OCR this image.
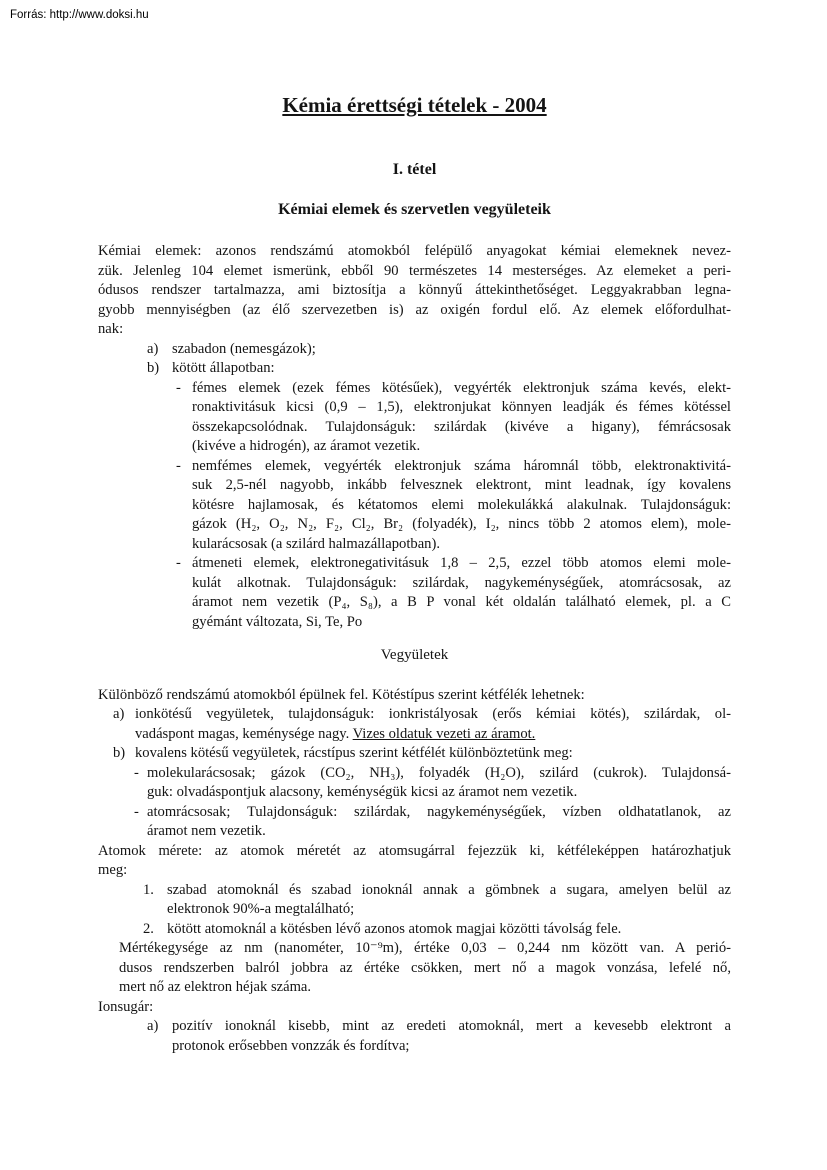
Forrás: http://www.doksi.hu
Kémia érettségi tételek - 2004
I. tétel
Kémiai elemek és szervetlen vegyületeik
Kémiai elemek: azonos rendszámú atomokból felépülő anyagokat kémiai elemeknek nevez-
zük. Jelenleg 104 elemet ismerünk, ebből 90 természetes 14 mesterséges. Az elemeket a peri-
ódusos rendszer tartalmazza, ami biztosítja a könnyű áttekinthetőséget. Leggyakrabban legna-
gyobb mennyiségben (az élő szervezetben is) az oxigén fordul elő. Az elemek előfordulhat-
nak:
a) szabadon (nemesgázok);
b) kötött állapotban:
- fémes elemek (ezek fémes kötésűek), vegyérték elektronjuk száma kevés, elekt-
ronaktivitásuk kicsi (0,9 – 1,5), elektronjukat könnyen leadják és fémes kötéssel
összekapcsolódnak. Tulajdonságuk: szilárdak (kivéve a higany), fémrácsosak
(kivéve a hidrogén), az áramot vezetik.
- nemfémes elemek, vegyérték elektronjuk száma háromnál több, elektronaktivitá-
suk 2,5-nél nagyobb, inkább felvesznek elektront, mint leadnak, így kovalens
kötésre hajlamosak, és kétatomos elemi molekulákká alakulnak. Tulajdonságuk:
gázok (H₂, O₂, N₂, F₂, Cl₂, Br₂ (folyadék), I₂, nincs több 2 atomos elem), mole-
kularácsosak (a szilárd halmazállapotban).
- átmeneti elemek, elektronegativitásuk 1,8 – 2,5, ezzel több atomos elemi mole-
kulát alkotnak. Tulajdonságuk: szilárdak, nagykeménységűek, atomrácsosak, az
áramot nem vezetik (P₄, S₈), a B P vonal két oldalán található elemek, pl. a C
gyémánt változata, Si, Te, Po
Vegyületek
Különböző rendszámú atomokból épülnek fel. Kötéstípus szerint kétfélék lehetnek:
a) ionkötésű vegyületek, tulajdonságuk: ionkristályosak (erős kémiai kötés), szilárdak, ol-
vadáspont magas, keménysége nagy. Vizes oldatuk vezeti az áramot.
b) kovalens kötésű vegyületek, rácstípus szerint kétfélét különböztetünk meg:
- molekularácsosak; gázok (CO₂, NH₃), folyadék (H₂O), szilárd (cukrok). Tulajdonsá-
guk: olvadáspontjuk alacsony, keménységük kicsi az áramot nem vezetik.
- atomrácsosak; Tulajdonságuk: szilárdak, nagykeménységűek, vízben oldhatatlanok, az
áramot nem vezetik.
Atomok mérete: az atomok méretét az atomsugárral fejezzük ki, kétféleképpen határozhatjuk
meg:
1. szabad atomoknál és szabad ionoknál annak a gömbnek a sugara, amelyen belül az
elektronok 90%-a megtalálható;
2. kötött atomoknál a kötésben lévő azonos atomok magjai közötti távolság fele.
Mértékegysége az nm (nanométer, 10⁻⁹m), értéke 0,03 – 0,244 nm között van. A perió-
dusos rendszerben balról jobbra az értéke csökken, mert nő a magok vonzása, lefelé nő,
mert nő az elektron héjak száma.
Ionsugár:
a) pozitív ionoknál kisebb, mint az eredeti atomoknál, mert a kevesebb elektront a
protonok erősebben vonzzák és fordítva;
